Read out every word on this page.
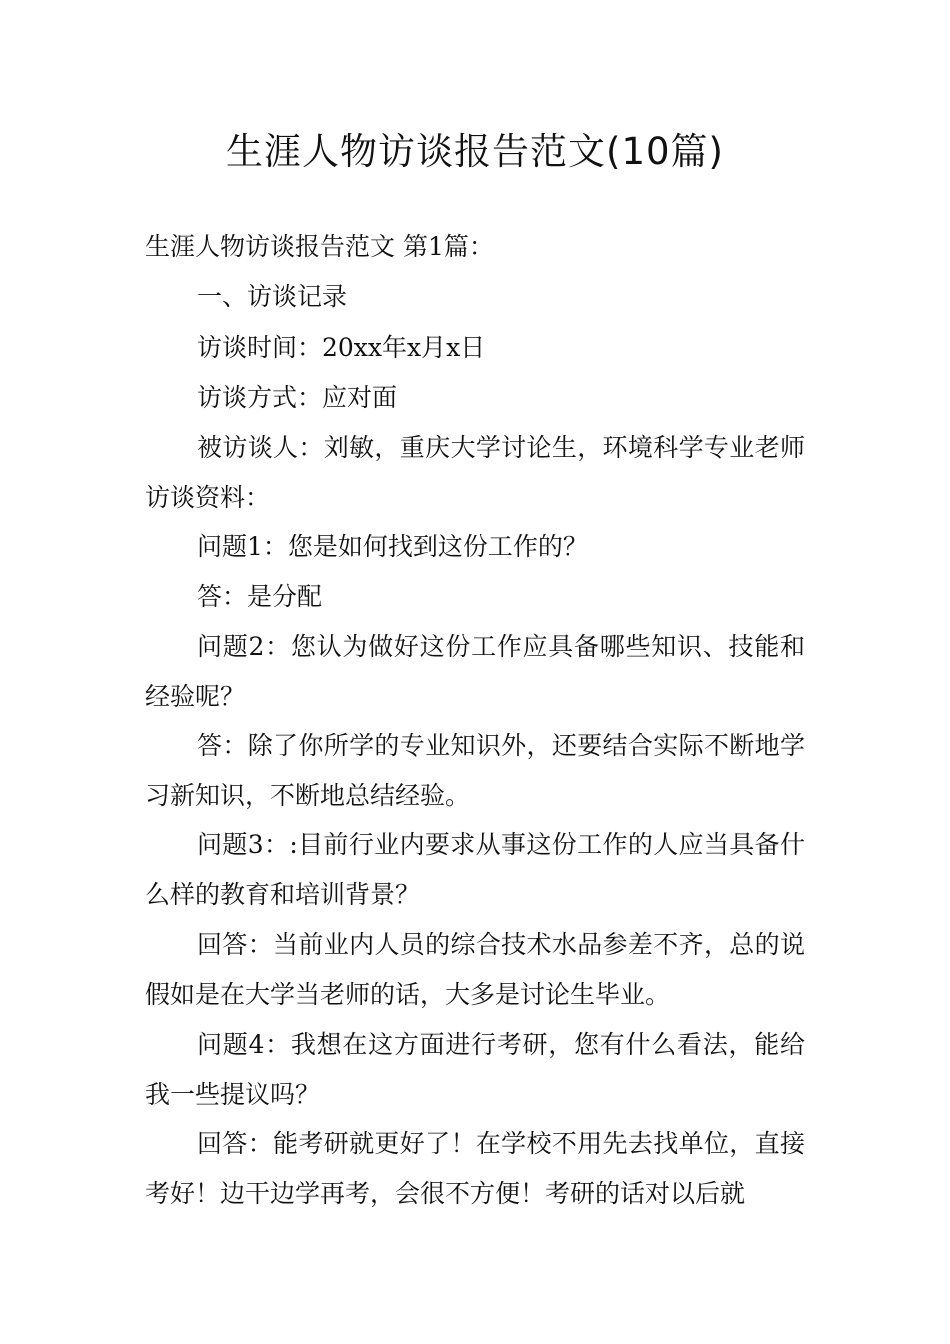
生涯人物访谈报告范文(10篇)

生涯人物访谈报告范文 第1篇：

一、访谈记录

访谈时间：20xx年x月x日

访谈方式：应对面

被访谈人：刘敏，重庆大学讨论生，环境科学专业老师访谈资料：

问题1：您是如何找到这份工作的？

答：是分配

问题2：您认为做好这份工作应具备哪些知识、技能和经验呢？

答：除了你所学的专业知识外，还要结合实际不断地学习新知识，不断地总结经验。

问题3：:目前行业内要求从事这份工作的人应当具备什么样的教育和培训背景？

回答：当前业内人员的综合技术水品参差不齐，总的说假如是在大学当老师的话，大多是讨论生毕业。

问题4：我想在这方面进行考研，您有什么看法，能给我一些提议吗？

回答：能考研就更好了！在学校不用先去找单位，直接考好！边干边学再考，会很不方便！考研的话对以后就
